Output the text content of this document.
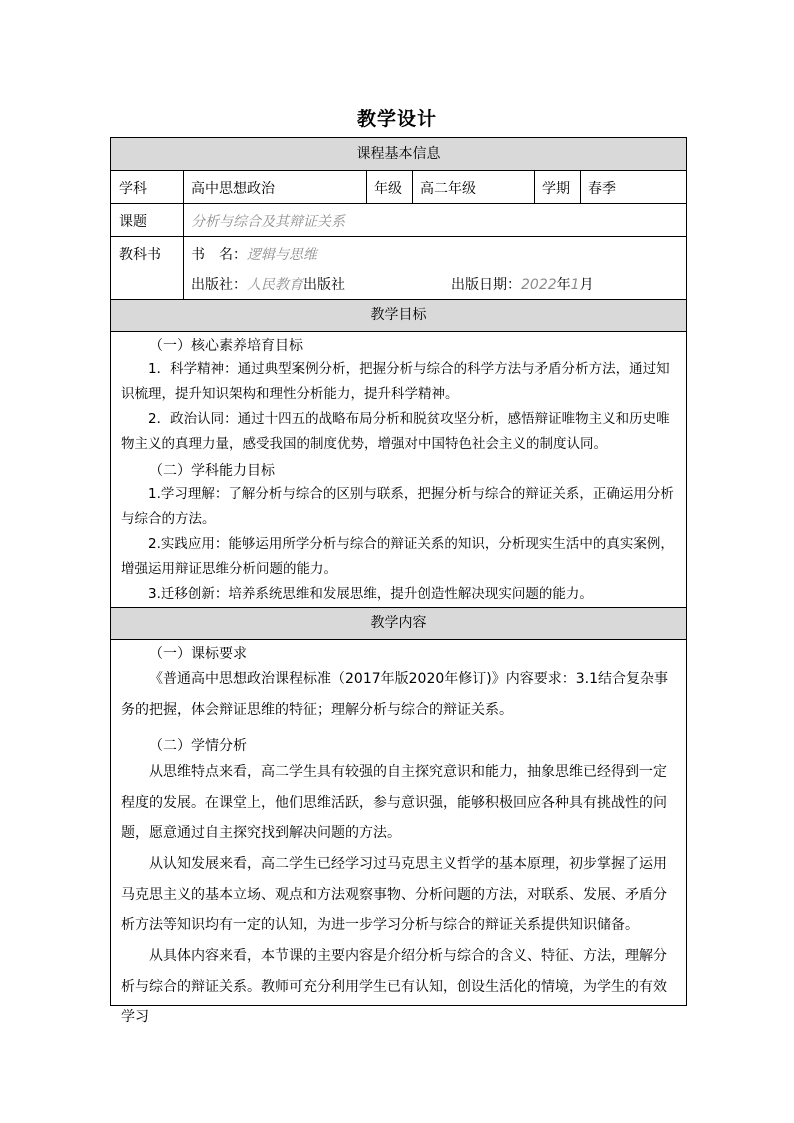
教学设计
课程基本信息
学科	高中思想政治	年级 高二年级	学期 春季
课题	分析与综合及其辩证关系
教科书 书　名：逻辑与思维
出版社：人民教育出版社	出版日期：2022年1月
教学目标
（一）核心素养培育目标
1．科学精神：通过典型案例分析，把握分析与综合的科学方法与矛盾分析方法，通过知识梳理，提升知识架构和理性分析能力，提升科学精神。
2．政治认同：通过十四五的战略布局分析和脱贫攻坚分析，感悟辩证唯物主义和历史唯物主义的真理力量，感受我国的制度优势，增强对中国特色社会主义的制度认同。
（二）学科能力目标
1.学习理解：了解分析与综合的区别与联系，把握分析与综合的辩证关系，正确运用分析与综合的方法。
2.实践应用：能够运用所学分析与综合的辩证关系的知识，分析现实生活中的真实案例，增强运用辩证思维分析问题的能力。
3.迁移创新：培养系统思维和发展思维，提升创造性解决现实问题的能力。
教学内容
（一）课标要求
《普通高中思想政治课程标准（2017年版2020年修订)》内容要求：3.1结合复杂事务的把握，体会辩证思维的特征；理解分析与综合的辩证关系。
（二）学情分析
从思维特点来看，高二学生具有较强的自主探究意识和能力，抽象思维已经得到一定程度的发展。在课堂上，他们思维活跃，参与意识强，能够积极回应各种具有挑战性的问题，愿意通过自主探究找到解决问题的方法。
从认知发展来看，高二学生已经学习过马克思主义哲学的基本原理，初步掌握了运用马克思主义的基本立场、观点和方法观察事物、分析问题的方法，对联系、发展、矛盾分析方法等知识均有一定的认知，为进一步学习分析与综合的辩证关系提供知识储备。
从具体内容来看，本节课的主要内容是介绍分析与综合的含义、特征、方法，理解分析与综合的辩证关系。教师可充分利用学生已有认知，创设生活化的情境，为学生的有效学习
